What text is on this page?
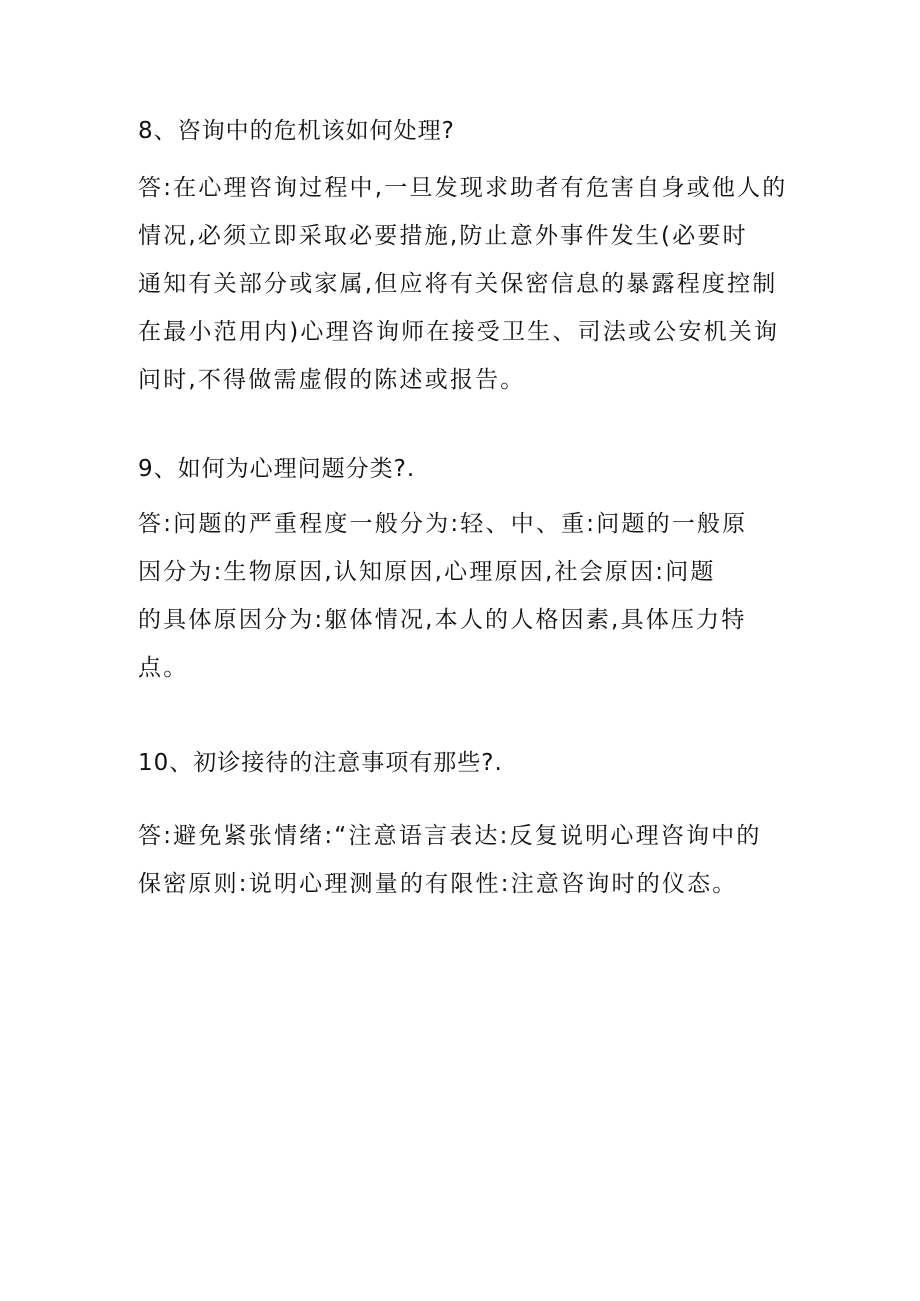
8、咨询中的危机该如何处理?

答:在心理咨询过程中,一旦发现求助者有危害自身或他人的
情况,必须立即采取必要措施,防止意外事件发生(必要时
通知有关部分或家属,但应将有关保密信息的暴露程度控制
在最小范用内)心理咨询师在接受卫生、司法或公安机关询
问时,不得做需虚假的陈述或报告。

9、如何为心理问题分类?.

答:问题的严重程度一般分为:轻、中、重:问题的一般原
因分为:生物原因,认知原因,心理原因,社会原因:问题
的具体原因分为:躯体情况,本人的人格因素,具体压力特
点。

10、初诊接待的注意事项有那些?.

答:避免紧张情绪:“注意语言表达:反复说明心理咨询中的
保密原则:说明心理测量的有限性:注意咨询时的仪态。
